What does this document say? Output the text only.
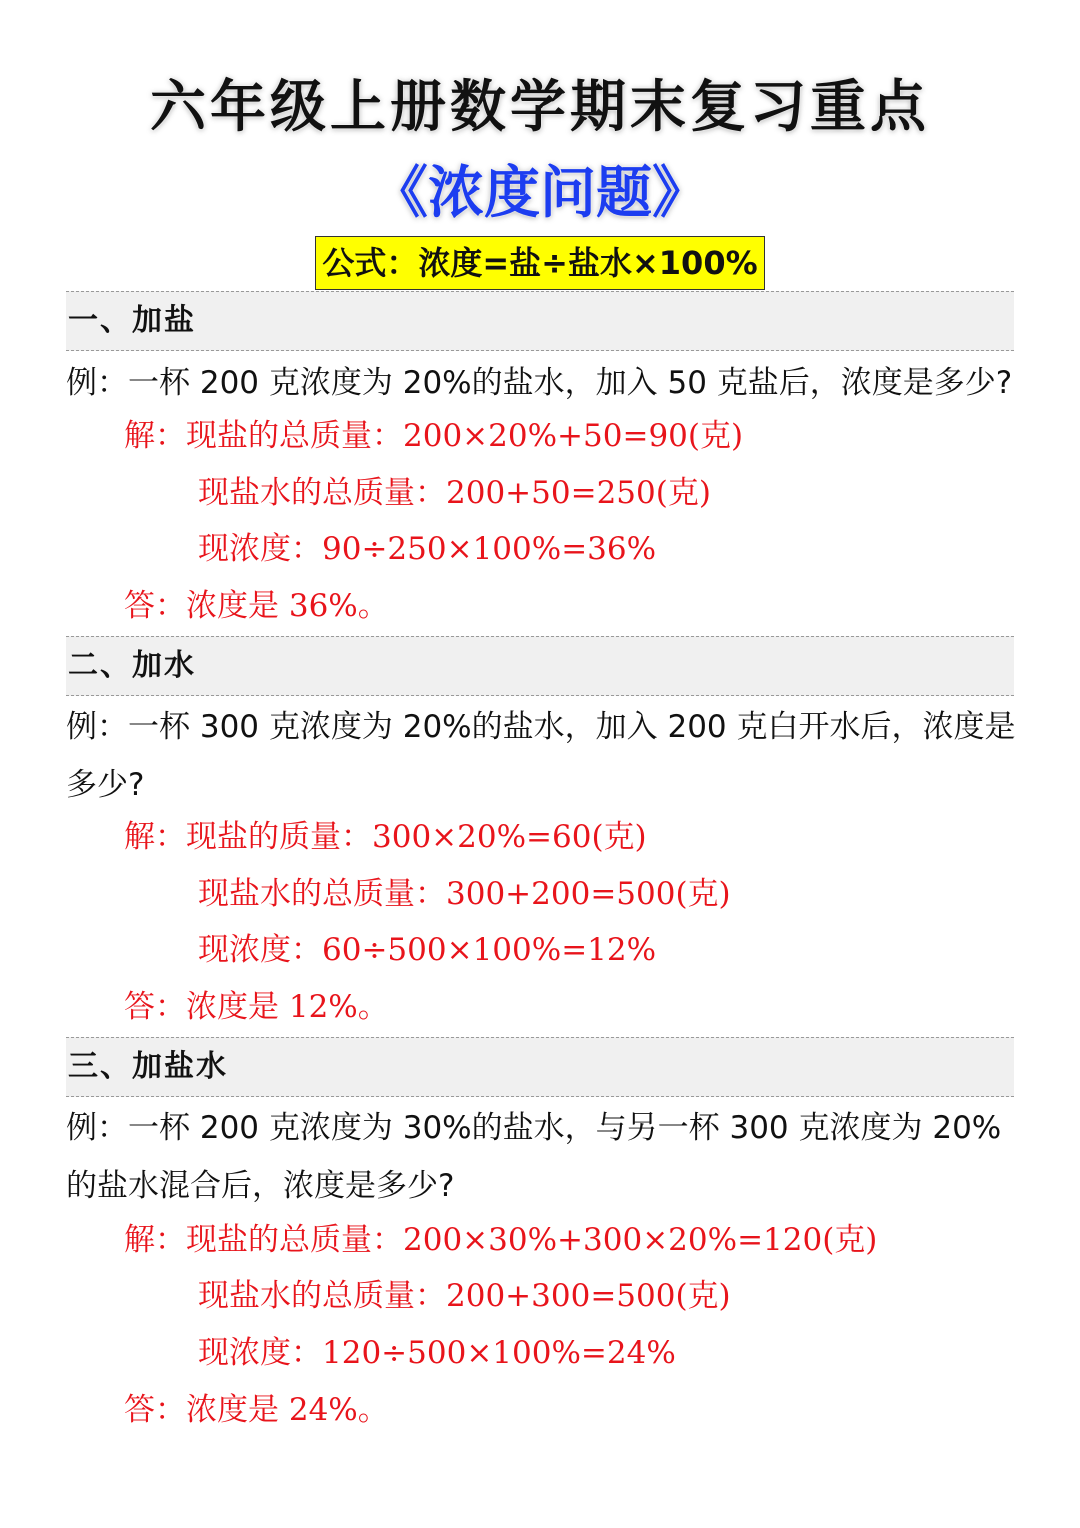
六年级上册数学期末复习重点
《浓度问题》
公式：浓度=盐÷盐水×100%
一、加盐
例：一杯 200 克浓度为 20%的盐水，加入 50 克盐后，浓度是多少?
解：现盐的总质量：200×20%+50=90(克)
现盐水的总质量：200+50=250(克)
现浓度：90÷250×100%=36%
答：浓度是 36%。
二、加水
例：一杯 300 克浓度为 20%的盐水，加入 200 克白开水后，浓度是多少?
解：现盐的质量：300×20%=60(克)
现盐水的总质量：300+200=500(克)
现浓度：60÷500×100%=12%
答：浓度是 12%。
三、加盐水
例：一杯 200 克浓度为 30%的盐水，与另一杯 300 克浓度为 20%的盐水混合后，浓度是多少?
解：现盐的总质量：200×30%+300×20%=120(克)
现盐水的总质量：200+300=500(克)
现浓度：120÷500×100%=24%
答：浓度是 24%。
